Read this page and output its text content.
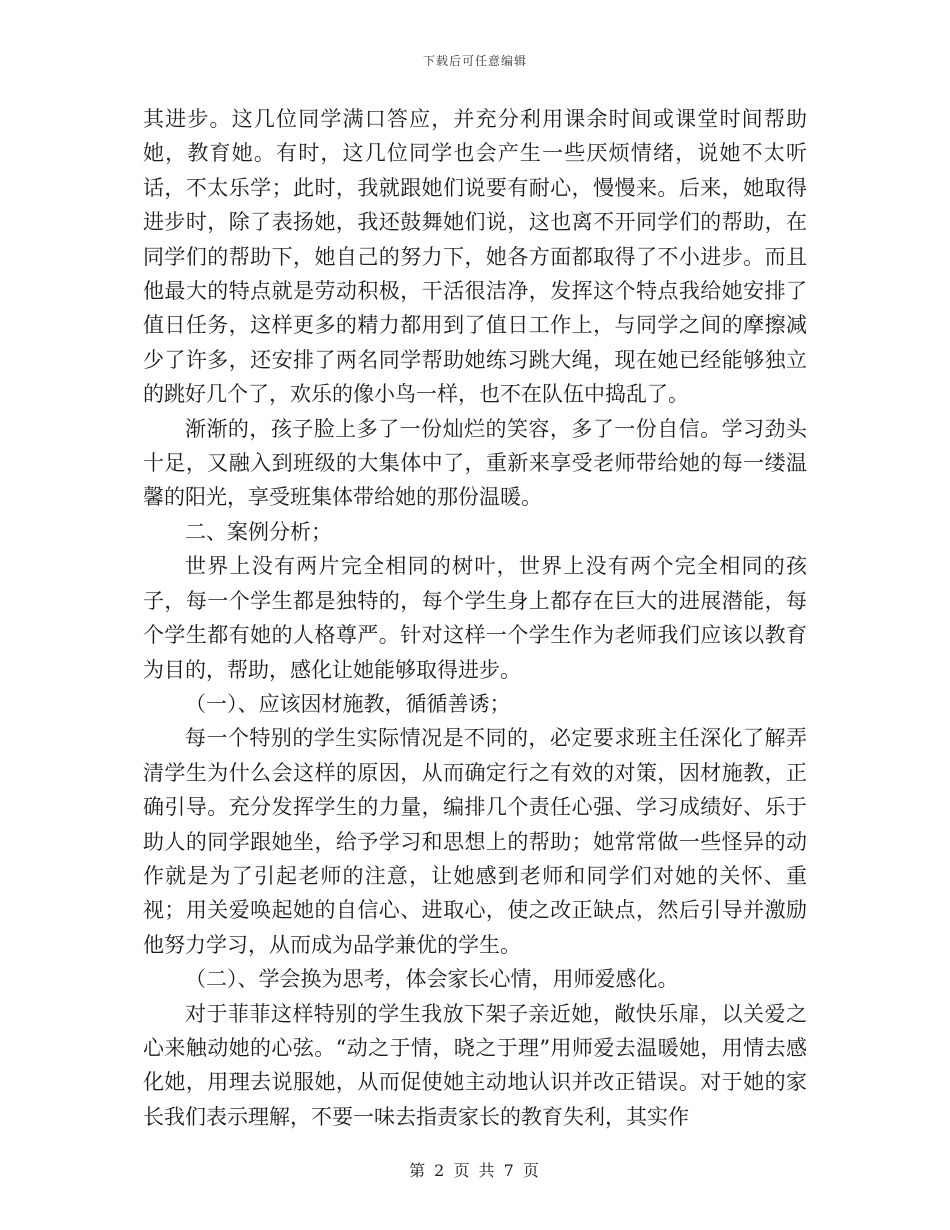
下载后可任意编辑

其进步。这几位同学满口答应，并充分利用课余时间或课堂时间帮助她，教育她。有时，这几位同学也会产生一些厌烦情绪，说她不太听话，不太乐学；此时，我就跟她们说要有耐心，慢慢来。后来，她取得进步时，除了表扬她，我还鼓舞她们说，这也离不开同学们的帮助，在同学们的帮助下，她自己的努力下，她各方面都取得了不小进步。而且他最大的特点就是劳动积极，干活很洁净，发挥这个特点我给她安排了值日任务，这样更多的精力都用到了值日工作上，与同学之间的摩擦减少了许多，还安排了两名同学帮助她练习跳大绳，现在她已经能够独立的跳好几个了，欢乐的像小鸟一样，也不在队伍中捣乱了。

渐渐的，孩子脸上多了一份灿烂的笑容，多了一份自信。学习劲头十足，又融入到班级的大集体中了，重新来享受老师带给她的每一缕温馨的阳光，享受班集体带给她的那份温暖。

二、案例分析；

世界上没有两片完全相同的树叶，世界上没有两个完全相同的孩子，每一个学生都是独特的，每个学生身上都存在巨大的进展潜能，每个学生都有她的人格尊严。针对这样一个学生作为老师我们应该以教育为目的，帮助，感化让她能够取得进步。

（一）、应该因材施教，循循善诱；

每一个特别的学生实际情况是不同的，必定要求班主任深化了解弄清学生为什么会这样的原因，从而确定行之有效的对策，因材施教，正确引导。充分发挥学生的力量，编排几个责任心强、学习成绩好、乐于助人的同学跟她坐，给予学习和思想上的帮助；她常常做一些怪异的动作就是为了引起老师的注意，让她感到老师和同学们对她的关怀、重视；用关爱唤起她的自信心、进取心，使之改正缺点，然后引导并激励他努力学习，从而成为品学兼优的学生。

（二）、学会换为思考，体会家长心情，用师爱感化。

对于菲菲这样特别的学生我放下架子亲近她，敞快乐扉，以关爱之心来触动她的心弦。“动之于情，晓之于理”用师爱去温暖她，用情去感化她，用理去说服她，从而促使她主动地认识并改正错误。对于她的家长我们表示理解，不要一味去指责家长的教育失利，其实作

第 2 页 共 7 页
